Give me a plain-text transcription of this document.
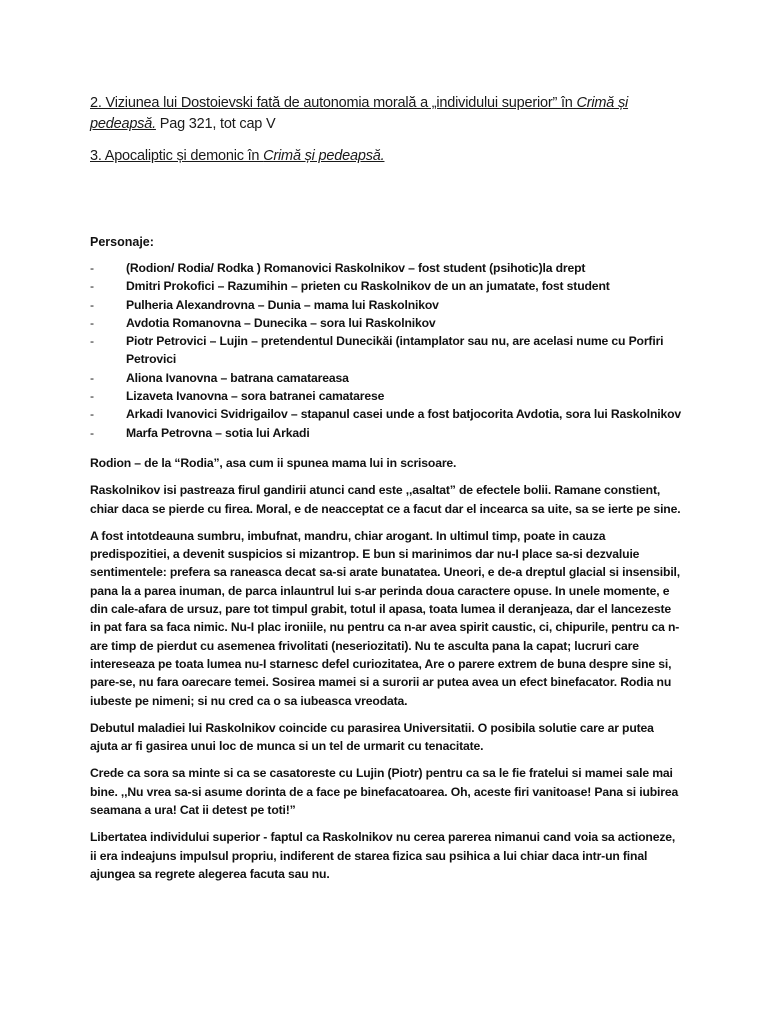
2. Viziunea lui Dostoievski fată de autonomia morală a „individului superior” în Crimă și pedeapsă. Pag 321, tot cap V

3. Apocaliptic și demonic în Crimă și pedeapsă.

Personaje:
-	(Rodion/ Rodia/ Rodka ) Romanovici Raskolnikov – fost student (psihotic)la drept
-	Dmitri Prokofici – Razumihin – prieten cu Raskolnikov de un an jumatate, fost student
-	Pulheria Alexandrovna – Dunia – mama lui Raskolnikov
-	Avdotia Romanovna – Dunecika – sora lui Raskolnikov
-	Piotr Petrovici – Lujin – pretendentul Dunecikăi (intamplator sau nu, are acelasi nume cu Porfiri Petrovici
-	Aliona Ivanovna – batrana camatareasa
-	Lizaveta Ivanovna – sora batranei camatarese
-	Arkadi Ivanovici Svidrigailov – stapanul casei unde a fost batjocorita Avdotia, sora lui Raskolnikov
-	Marfa Petrovna – sotia lui Arkadi

Rodion – de la “Rodia”, asa cum ii spunea mama lui in scrisoare.

Raskolnikov isi pastreaza firul gandirii atunci cand este ,,asaltat” de efectele bolii. Ramane constient, chiar daca se pierde cu firea. Moral, e de neacceptat ce a facut dar el incearca sa uite, sa se ierte pe sine.

A fost intotdeauna sumbru, imbufnat, mandru, chiar arogant. In ultimul timp, poate in cauza predispozitiei, a devenit suspicios si mizantrop. E bun si marinimos dar nu-I place sa-si dezvaluie sentimentele: prefera sa raneasca decat sa-si arate bunatatea. Uneori, e de-a dreptul glacial si insensibil, pana la a parea inuman, de parca inlauntrul lui s-ar perinda doua caractere opuse. In unele momente, e din cale-afara de ursuz, pare tot timpul grabit, totul il apasa, toata lumea il deranjeaza, dar el lancezeste in pat fara sa faca nimic. Nu-I plac ironiile, nu pentru ca n-ar avea spirit caustic, ci, chipurile, pentru ca n-are timp de pierdut cu asemenea frivolitati (neseriozitati). Nu te asculta pana la capat; lucruri care intereseaza pe toata lumea nu-I starnesc defel curiozitatea, Are o parere extrem de buna despre sine si, pare-se, nu fara oarecare temei. Sosirea mamei si a surorii ar putea avea un efect binefacator. Rodia nu iubeste pe nimeni; si nu cred ca o sa iubeasca vreodata.

Debutul maladiei lui Raskolnikov coincide cu parasirea Universitatii. O posibila solutie care ar putea ajuta ar fi gasirea unui loc de munca si un tel de urmarit cu tenacitate.

Crede ca sora sa minte si ca se casatoreste cu Lujin (Piotr) pentru ca sa le fie fratelui si mamei sale mai bine. ,,Nu vrea sa-si asume dorinta de a face pe binefacatoarea. Oh, aceste firi vanitoase! Pana si iubirea seamana a ura! Cat ii detest pe toti!”

Libertatea individului superior - faptul ca Raskolnikov nu cerea parerea nimanui cand voia sa actioneze, ii era indeajuns impulsul propriu, indiferent de starea fizica sau psihica a lui chiar daca intr-un final ajungea sa regrete alegerea facuta sau nu.
